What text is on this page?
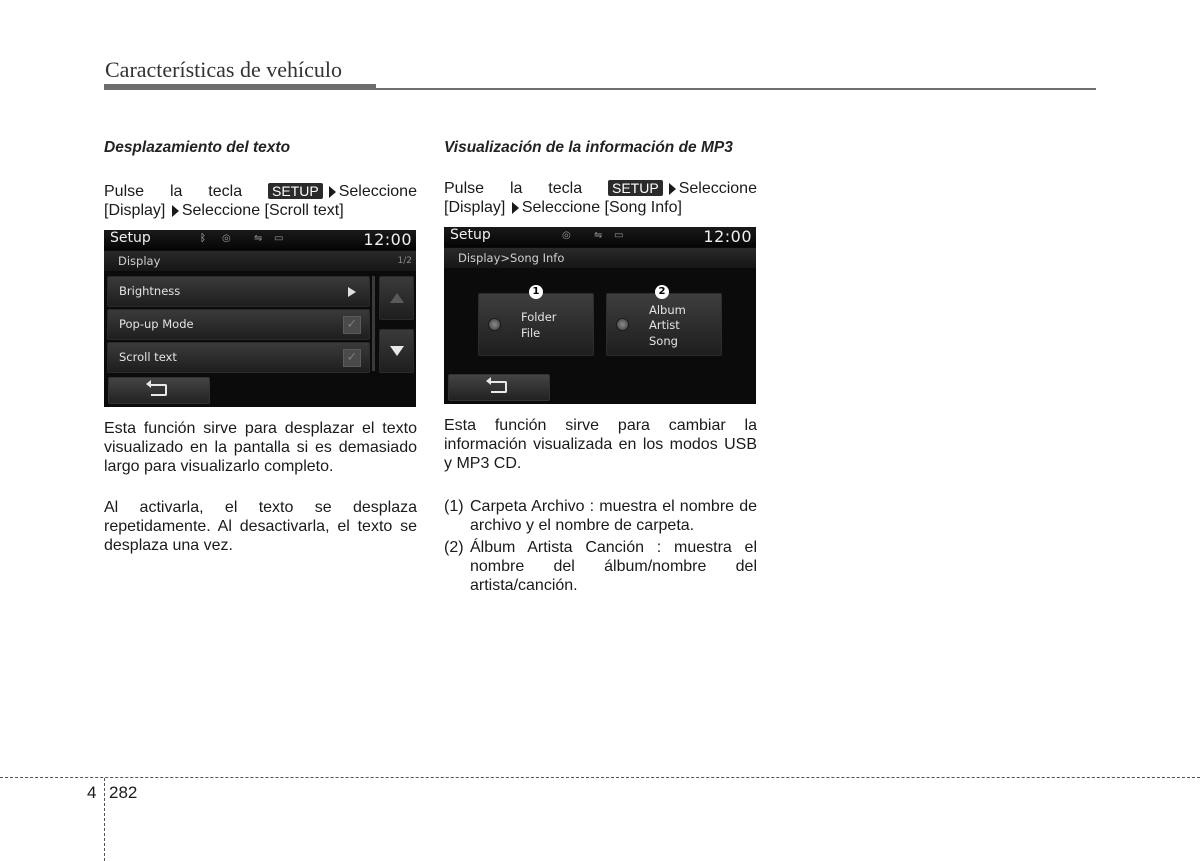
Características de vehículo
Desplazamiento del texto
Pulse la tecla SETUP Seleccione
[Display] Seleccione [Scroll text]
Setup	ᛒ ◎ ⇋ ▭	12:00
Display	1/2
Brightness
Pop-up Mode	✓
Scroll text	✓
Esta función sirve para desplazar el texto visualizado en la pantalla si es demasiado largo para visualizarlo completo.
Al activarla, el texto se desplaza repetidamente. Al desactivarla, el texto se desplaza una vez.
Visualización de la información de MP3
Pulse la tecla SETUP Seleccione
[Display] Seleccione [Song Info]
Setup	◎ ⇋ ▭	12:00
Display>Song Info
Folder
File
Album
Artist
Song
1	2
Esta función sirve para cambiar la información visualizada en los modos USB y MP3 CD.
(1) Carpeta Archivo : muestra el nombre de archivo y el nombre de carpeta.
(2) Álbum Artista Canción : muestra el nombre del álbum/nombre del artista/canción.
4 282
